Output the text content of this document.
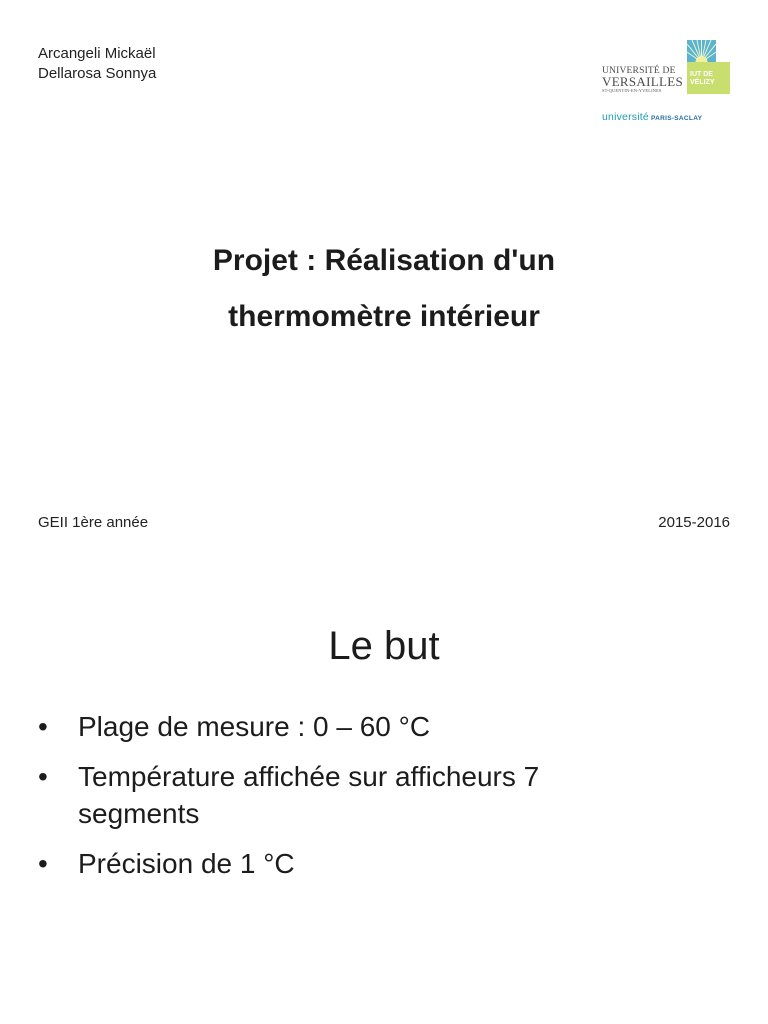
Arcangeli Mickaël
Dellarosa Sonnya	UNIVERSITÉ DE
VERSAILLES
ST-QUENTIN-EN-YVELINES
IUT DE
VÉLIZY
université PARIS-SACLAY
Projet : Réalisation d'un
thermomètre intérieur
GEII 1ère année	2015-2016
Le but
• Plage de mesure : 0 – 60 °C
• Température affichée sur afficheurs 7 segments
• Précision de 1 °C
